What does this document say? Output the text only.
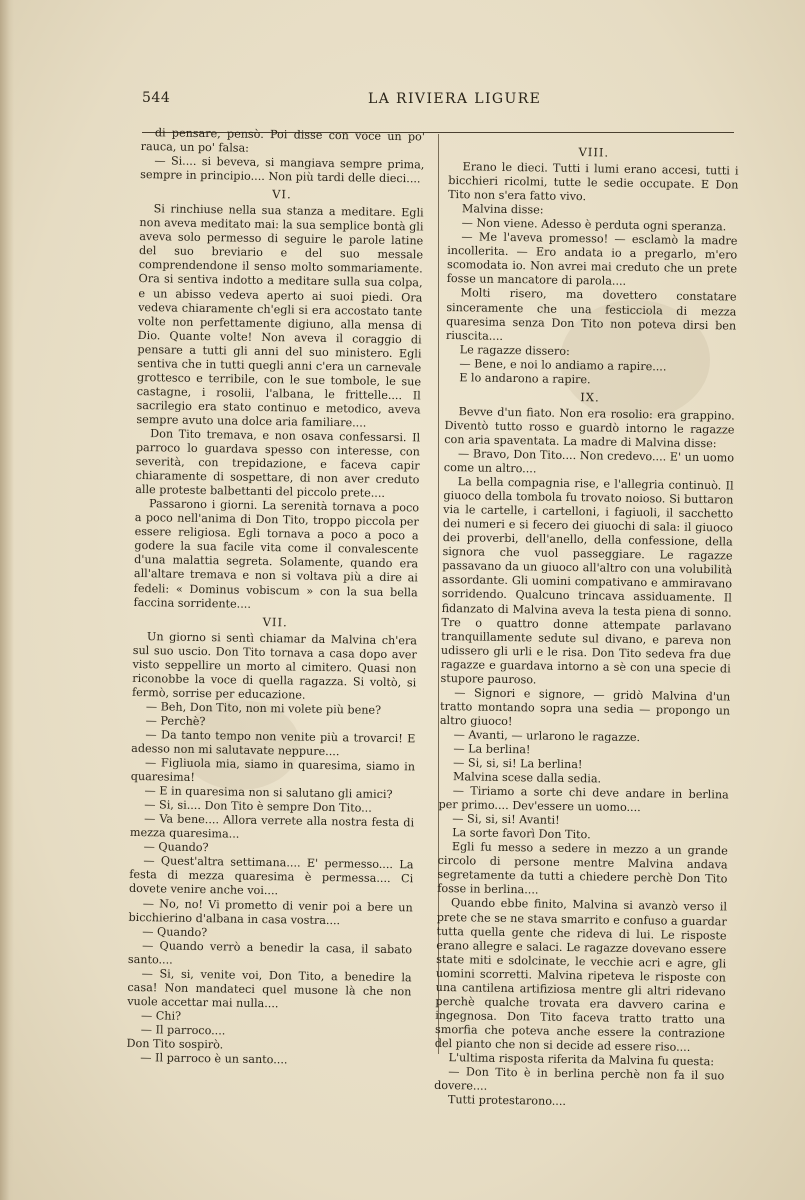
544	LA RIVIERA LIGURE

di pensare, pensò. Poi disse con voce un po' rauca, un po' falsa:

— Si.... si beveva, si mangiava sempre prima, sempre in principio.... Non più tardi delle dieci....

VI.

Si rinchiuse nella sua stanza a meditare. Egli non aveva meditato mai: la sua semplice bontà gli aveva solo permesso di seguire le parole latine del suo breviario e del suo messale comprendendone il senso molto sommariamente. Ora si sentiva indotto a meditare sulla sua colpa, e un abisso vedeva aperto ai suoi piedi. Ora vedeva chiaramente ch'egli si era accostato tante volte non perfettamente digiuno, alla mensa di Dio. Quante volte! Non aveva il coraggio di pensare a tutti gli anni del suo ministero. Egli sentiva che in tutti quegli anni c'era un carnevale grottesco e terribile, con le sue tombole, le sue castagne, i rosolii, l'albana, le frittelle.... Il sacrilegio era stato continuo e metodico, aveva sempre avuto una dolce aria familiare....

Don Tito tremava, e non osava confessarsi. Il parroco lo guardava spesso con interesse, con severità, con trepidazione, e faceva capir chiaramente di sospettare, di non aver creduto alle proteste balbettanti del piccolo prete....

Passarono i giorni. La serenità tornava a poco a poco nell'anima di Don Tito, troppo piccola per essere religiosa. Egli tornava a poco a poco a godere la sua facile vita come il convalescente d'una malattia segreta. Solamente, quando era all'altare tremava e non si voltava più a dire ai fedeli: « Dominus vobiscum » con la sua bella faccina sorridente....

VII.

Un giorno si sentì chiamar da Malvina ch'era sul suo uscio. Don Tito tornava a casa dopo aver visto seppellire un morto al cimitero. Quasi non riconobbe la voce di quella ragazza. Si voltò, si fermò, sorrise per educazione.

— Beh, Don Tito, non mi volete più bene?

— Perchè?

— Da tanto tempo non venite più a trovarci! E adesso non mi salutavate neppure....

— Figliuola mia, siamo in quaresima, siamo in quaresima!

— E in quaresima non si salutano gli amici?

— Si, si.... Don Tito è sempre Don Tito...

— Va bene.... Allora verrete alla nostra festa di mezza quaresima...

— Quando?

— Quest'altra settimana.... E' permesso.... La festa di mezza quaresima è permessa.... Ci dovete venire anche voi....

— No, no! Vi prometto di venir poi a bere un bicchierino d'albana in casa vostra....

— Quando?

— Quando verrò a benedir la casa, il sabato santo....

— Si, si, venite voi, Don Tito, a benedire la casa! Non mandateci quel musone là che non vuole accettar mai nulla....

— Chi?

— Il parroco....

Don Tito sospirò.

— Il parroco è un santo....

VIII.

Erano le dieci. Tutti i lumi erano accesi, tutti i bicchieri ricolmi, tutte le sedie occupate. E Don Tito non s'era fatto vivo.

Malvina disse:

— Non viene. Adesso è perduta ogni speranza.

— Me l'aveva promesso! — esclamò la madre incollerita. — Ero andata io a pregarlo, m'ero scomodata io. Non avrei mai creduto che un prete fosse un mancatore di parola....

Molti risero, ma dovettero constatare sinceramente che una festicciola di mezza quaresima senza Don Tito non poteva dirsi ben riuscita....

Le ragazze dissero:

— Bene, e noi lo andiamo a rapire....

E lo andarono a rapire.

IX.

Bevve d'un fiato. Non era rosolio: era grappino. Diventò tutto rosso e guardò intorno le ragazze con aria spaventata. La madre di Malvina disse:

— Bravo, Don Tito.... Non credevo.... E' un uomo come un altro....

La bella compagnia rise, e l'allegria continuò. Il giuoco della tombola fu trovato noioso. Si buttaron via le cartelle, i cartelloni, i fagiuoli, il sacchetto dei numeri e si fecero dei giuochi di sala: il giuoco dei proverbi, dell'anello, della confessione, della signora che vuol passeggiare. Le ragazze passavano da un giuoco all'altro con una volubilità assordante. Gli uomini compativano e ammiravano sorridendo. Qualcuno trincava assiduamente. Il fidanzato di Malvina aveva la testa piena di sonno. Tre o quattro donne attempate parlavano tranquillamente sedute sul divano, e pareva non udissero gli urli e le risa. Don Tito sedeva fra due ragazze e guardava intorno a sè con una specie di stupore pauroso.

— Signori e signore, — gridò Malvina d'un tratto montando sopra una sedia — propongo un altro giuoco!

— Avanti, — urlarono le ragazze.

— La berlina!

— Si, si, si! La berlina!

Malvina scese dalla sedia.

— Tiriamo a sorte chi deve andare in berlina per primo.... Dev'essere un uomo....

— Si, si, si! Avanti!

La sorte favorì Don Tito.

Egli fu messo a sedere in mezzo a un grande circolo di persone mentre Malvina andava segretamente da tutti a chiedere perchè Don Tito fosse in berlina....

Quando ebbe finito, Malvina si avanzò verso il prete che se ne stava smarrito e confuso a guardar tutta quella gente che rideva di lui. Le risposte erano allegre e salaci. Le ragazze dovevano essere state miti e sdolcinate, le vecchie acri e agre, gli uomini scorretti. Malvina ripeteva le risposte con una cantilena artifiziosa mentre gli altri ridevano perchè qualche trovata era davvero carina e ingegnosa. Don Tito faceva tratto tratto una smorfia che poteva anche essere la contrazione del pianto che non si decide ad essere riso....

L'ultima risposta riferita da Malvina fu questa:

— Don Tito è in berlina perchè non fa il suo dovere....

Tutti protestarono....
